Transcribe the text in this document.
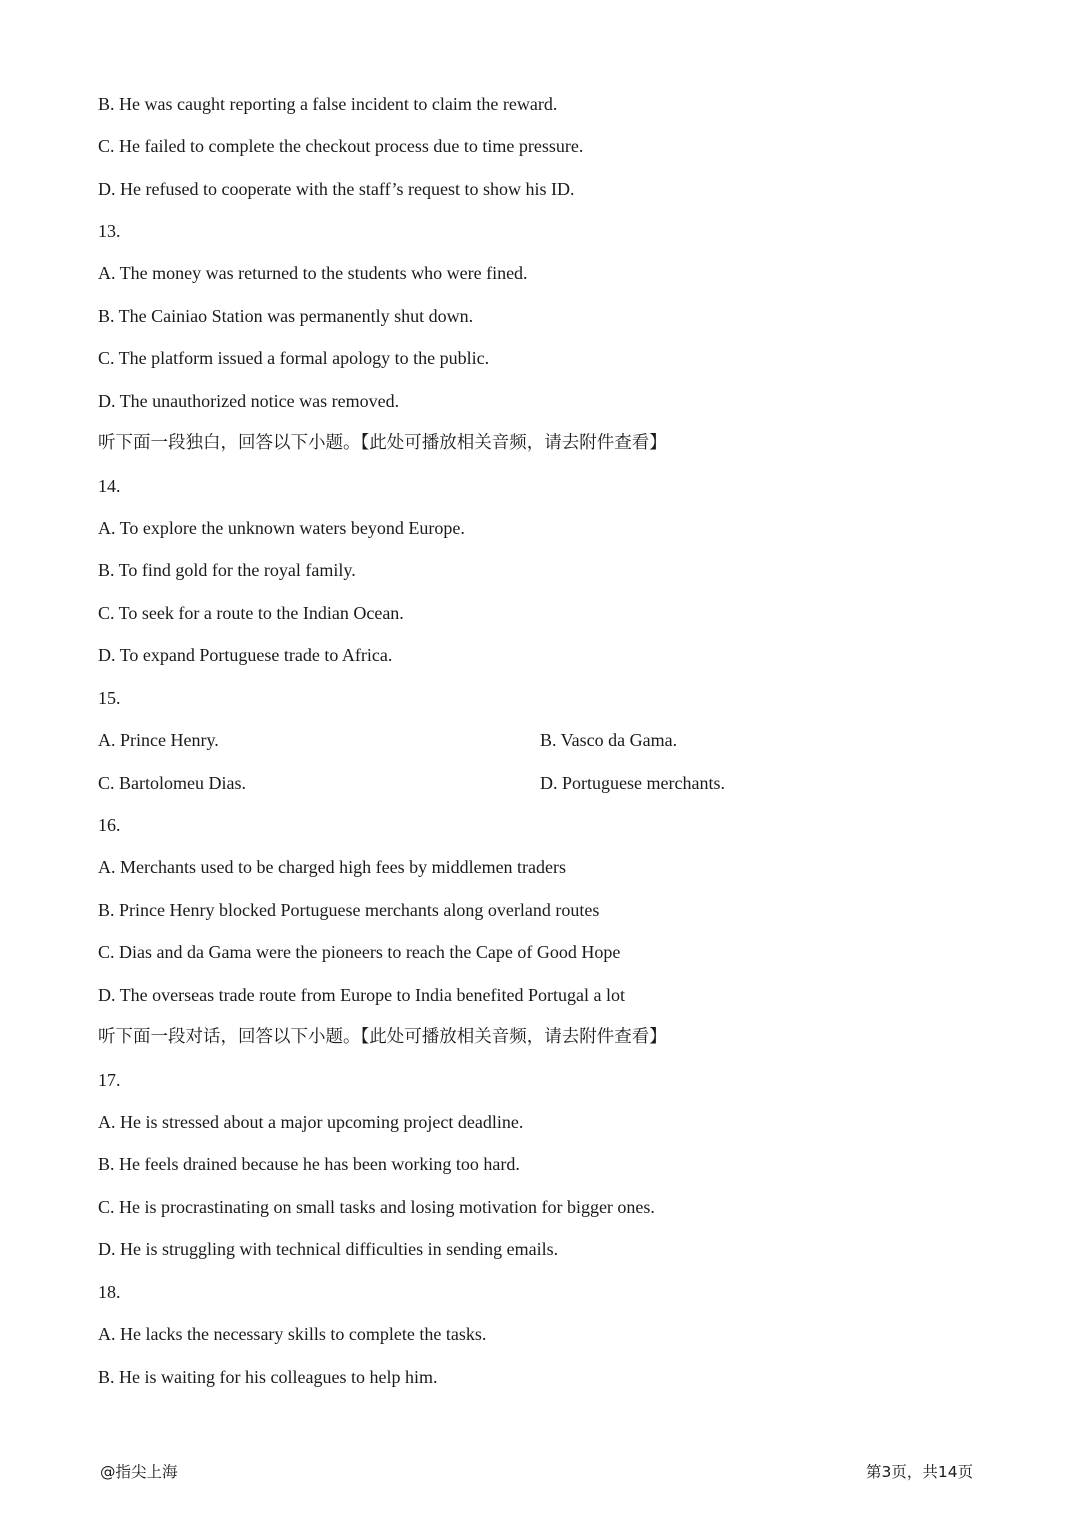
B. He was caught reporting a false incident to claim the reward.
C. He failed to complete the checkout process due to time pressure.
D. He refused to cooperate with the staff’s request to show his ID.
13.
A. The money was returned to the students who were fined.
B. The Cainiao Station was permanently shut down.
C. The platform issued a formal apology to the public.
D. The unauthorized notice was removed.
听下面一段独白，回答以下小题。【此处可播放相关音频，请去附件查看】
14.
A. To explore the unknown waters beyond Europe.
B. To find gold for the royal family.
C. To seek for a route to the Indian Ocean.
D. To expand Portuguese trade to Africa.
15.
A. Prince Henry.	B. Vasco da Gama.
C. Bartolomeu Dias.	D. Portuguese merchants.
16.
A. Merchants used to be charged high fees by middlemen traders
B. Prince Henry blocked Portuguese merchants along overland routes
C. Dias and da Gama were the pioneers to reach the Cape of Good Hope
D. The overseas trade route from Europe to India benefited Portugal a lot
听下面一段对话，回答以下小题。【此处可播放相关音频，请去附件查看】
17.
A. He is stressed about a major upcoming project deadline.
B. He feels drained because he has been working too hard.
C. He is procrastinating on small tasks and losing motivation for bigger ones.
D. He is struggling with technical difficulties in sending emails.
18.
A. He lacks the necessary skills to complete the tasks.
B. He is waiting for his colleagues to help him.
@指尖上海	第3页，共14页
